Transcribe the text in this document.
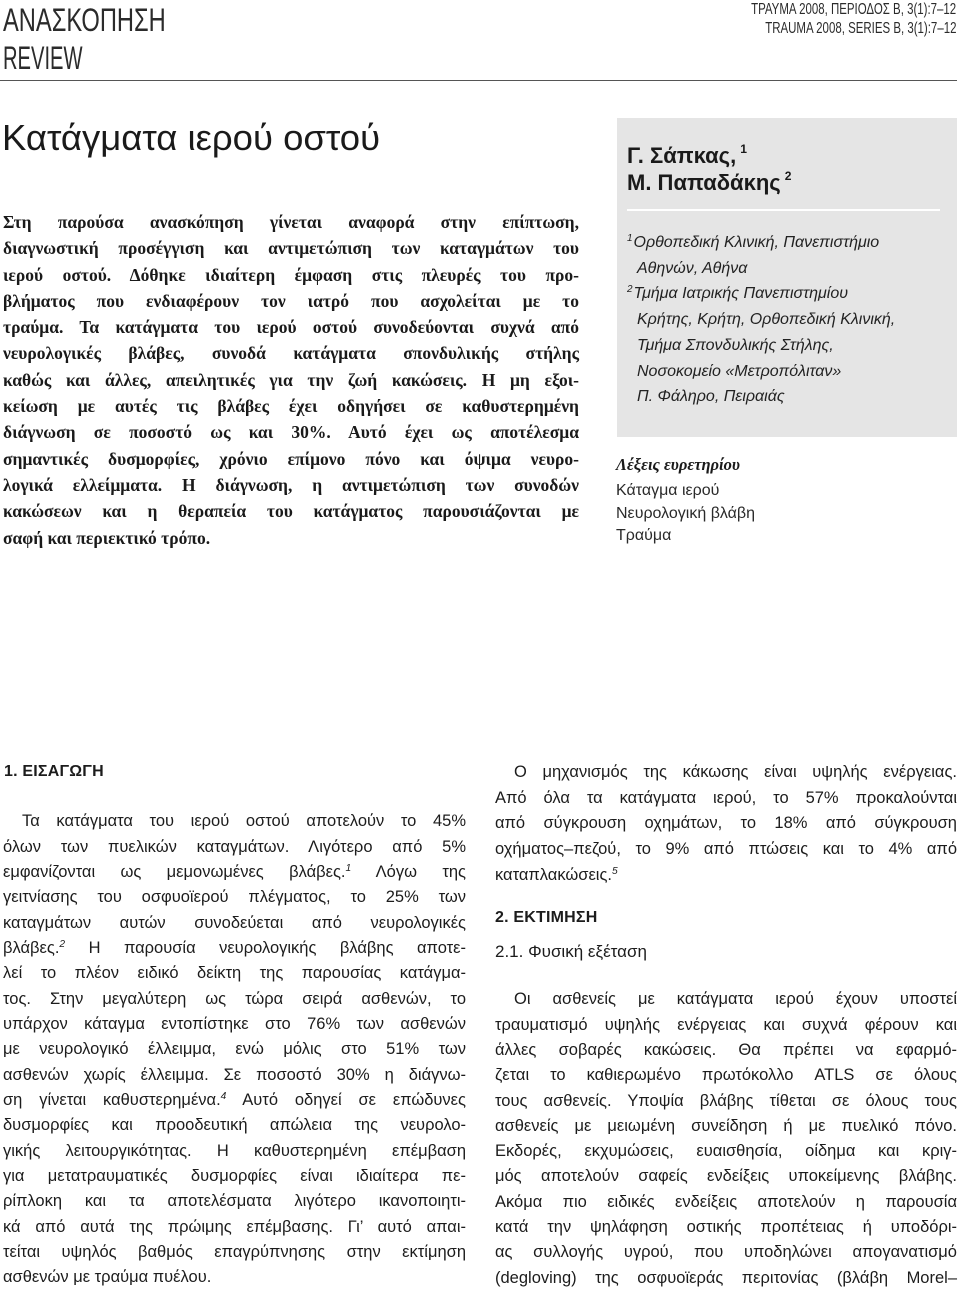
ΑΝΑΣΚΟΠΗΣΗ
REVIEW
ΤΡΑΥΜΑ 2008, ΠΕΡΙΟΔΟΣ Β, 3(1):7–12
TRAUMA 2008, SERIES B, 3(1):7–12
Κατάγματα ιερού οστού
Στη παρούσα ανασκόπηση γίνεται αναφορά στην επίπτωση,
διαγνωστική προσέγγιση και αντιμετώπιση των καταγμάτων του
ιερού οστού. Δόθηκε ιδιαίτερη έμφαση στις πλευρές του προ-
βλήματος που ενδιαφέρουν τον ιατρό που ασχολείται με το
τραύμα. Τα κατάγματα του ιερού οστού συνοδεύονται συχνά από
νευρολογικές βλάβες, συνοδά κατάγματα σπονδυλικής στήλης
καθώς και άλλες, απειλητικές για την ζωή κακώσεις. Η μη εξοι-
κείωση με αυτές τις βλάβες έχει οδηγήσει σε καθυστερημένη
διάγνωση σε ποσοστό ως και 30%. Αυτό έχει ως αποτέλεσμα
σημαντικές δυσμορφίες, χρόνιο επίμονο πόνο και όψιμα νευρο-
λογικά ελλείμματα. Η διάγνωση, η αντιμετώπιση των συνοδών
κακώσεων και η θεραπεία του κατάγματος παρουσιάζονται με
σαφή και περιεκτικό τρόπο.
Γ. Σάπκας, $^1$
Μ. Παπαδάκης $^2$
$^1$Ορθοπεδική Κλινική, Πανεπιστήμιο
Αθηνών, Αθήνα
$^2$Τμήμα Ιατρικής Πανεπιστημίου
Κρήτης, Κρήτη, Ορθοπεδική Κλινική,
Τμήμα Σπονδυλικής Στήλης,
Νοσοκομείο «Μετροπόλιταν»
Π. Φάληρο, Πειραιάς
Λέξεις ευρετηρίου
Κάταγμα ιερού
Νευρολογική βλάβη
Τραύμα
1. ΕΙΣΑΓΩΓΗ
Τα κατάγματα του ιερού οστού αποτελούν το 45%
όλων των πυελικών καταγμάτων. Λιγότερο από 5%
εμφανίζονται ως μεμονωμένες βλάβες.$^1$ Λόγω της
γειτνίασης του οσφυοϊερού πλέγματος, το 25% των
καταγμάτων αυτών συνοδεύεται από νευρολογικές
βλάβες.$^2$ Η παρουσία νευρολογικής βλάβης αποτε-
λεί το πλέον ειδικό δείκτη της παρουσίας κατάγμα-
τος. Στην μεγαλύτερη ως τώρα σειρά ασθενών, το
υπάρχον κάταγμα εντοπίστηκε στο 76% των ασθενών
με νευρολογικό έλλειμμα, ενώ μόλις στο 51% των
ασθενών χωρίς έλλειμμα. Σε ποσοστό 30% η διάγνω-
ση γίνεται καθυστερημένα.$^4$ Αυτό οδηγεί σε επώδυνες
δυσμορφίες και προοδευτική απώλεια της νευρολο-
γικής λειτουργικότητας. Η καθυστερημένη επέμβαση
για μετατραυματικές δυσμορφίες είναι ιδιαίτερα πε-
ρίπλοκη και τα αποτελέσματα λιγότερο ικανοποιητι-
κά από αυτά της πρώιμης επέμβασης. Γι’ αυτό απαι-
τείται υψηλός βαθμός επαγρύπνησης στην εκτίμηση
ασθενών με τραύμα πυέλου.
Ο μηχανισμός της κάκωσης είναι υψηλής ενέργειας.
Από όλα τα κατάγματα ιερού, το 57% προκαλούνται
από σύγκρουση οχημάτων, το 18% από σύγκρουση
οχήματος–πεζού, το 9% από πτώσεις και το 4% από
καταπλακώσεις.$^5$
2. ΕΚΤΙΜΗΣΗ
2.1. Φυσική εξέταση
Οι ασθενείς με κατάγματα ιερού έχουν υποστεί
τραυματισμό υψηλής ενέργειας και συχνά φέρουν και
άλλες σοβαρές κακώσεις. Θα πρέπει να εφαρμό-
ζεται το καθιερωμένο πρωτόκολλο ATLS σε όλους
τους ασθενείς. Υποψία βλάβης τίθεται σε όλους τους
ασθενείς με μειωμένη συνείδηση ή με πυελικό πόνο.
Εκδορές, εκχυμώσεις, ευαισθησία, οίδημα και κριγ-
μός αποτελούν σαφείς ενδείξεις υποκείμενης βλάβης.
Ακόμα πιο ειδικές ενδείξεις αποτελούν η παρουσία
κατά την ψηλάφηση οστικής προπέτειας ή υποδόρι-
ας συλλογής υγρού, που υποδηλώνει απογανατισμό
(degloving) της οσφυοϊεράς περιτονίας (βλάβη Morel–
